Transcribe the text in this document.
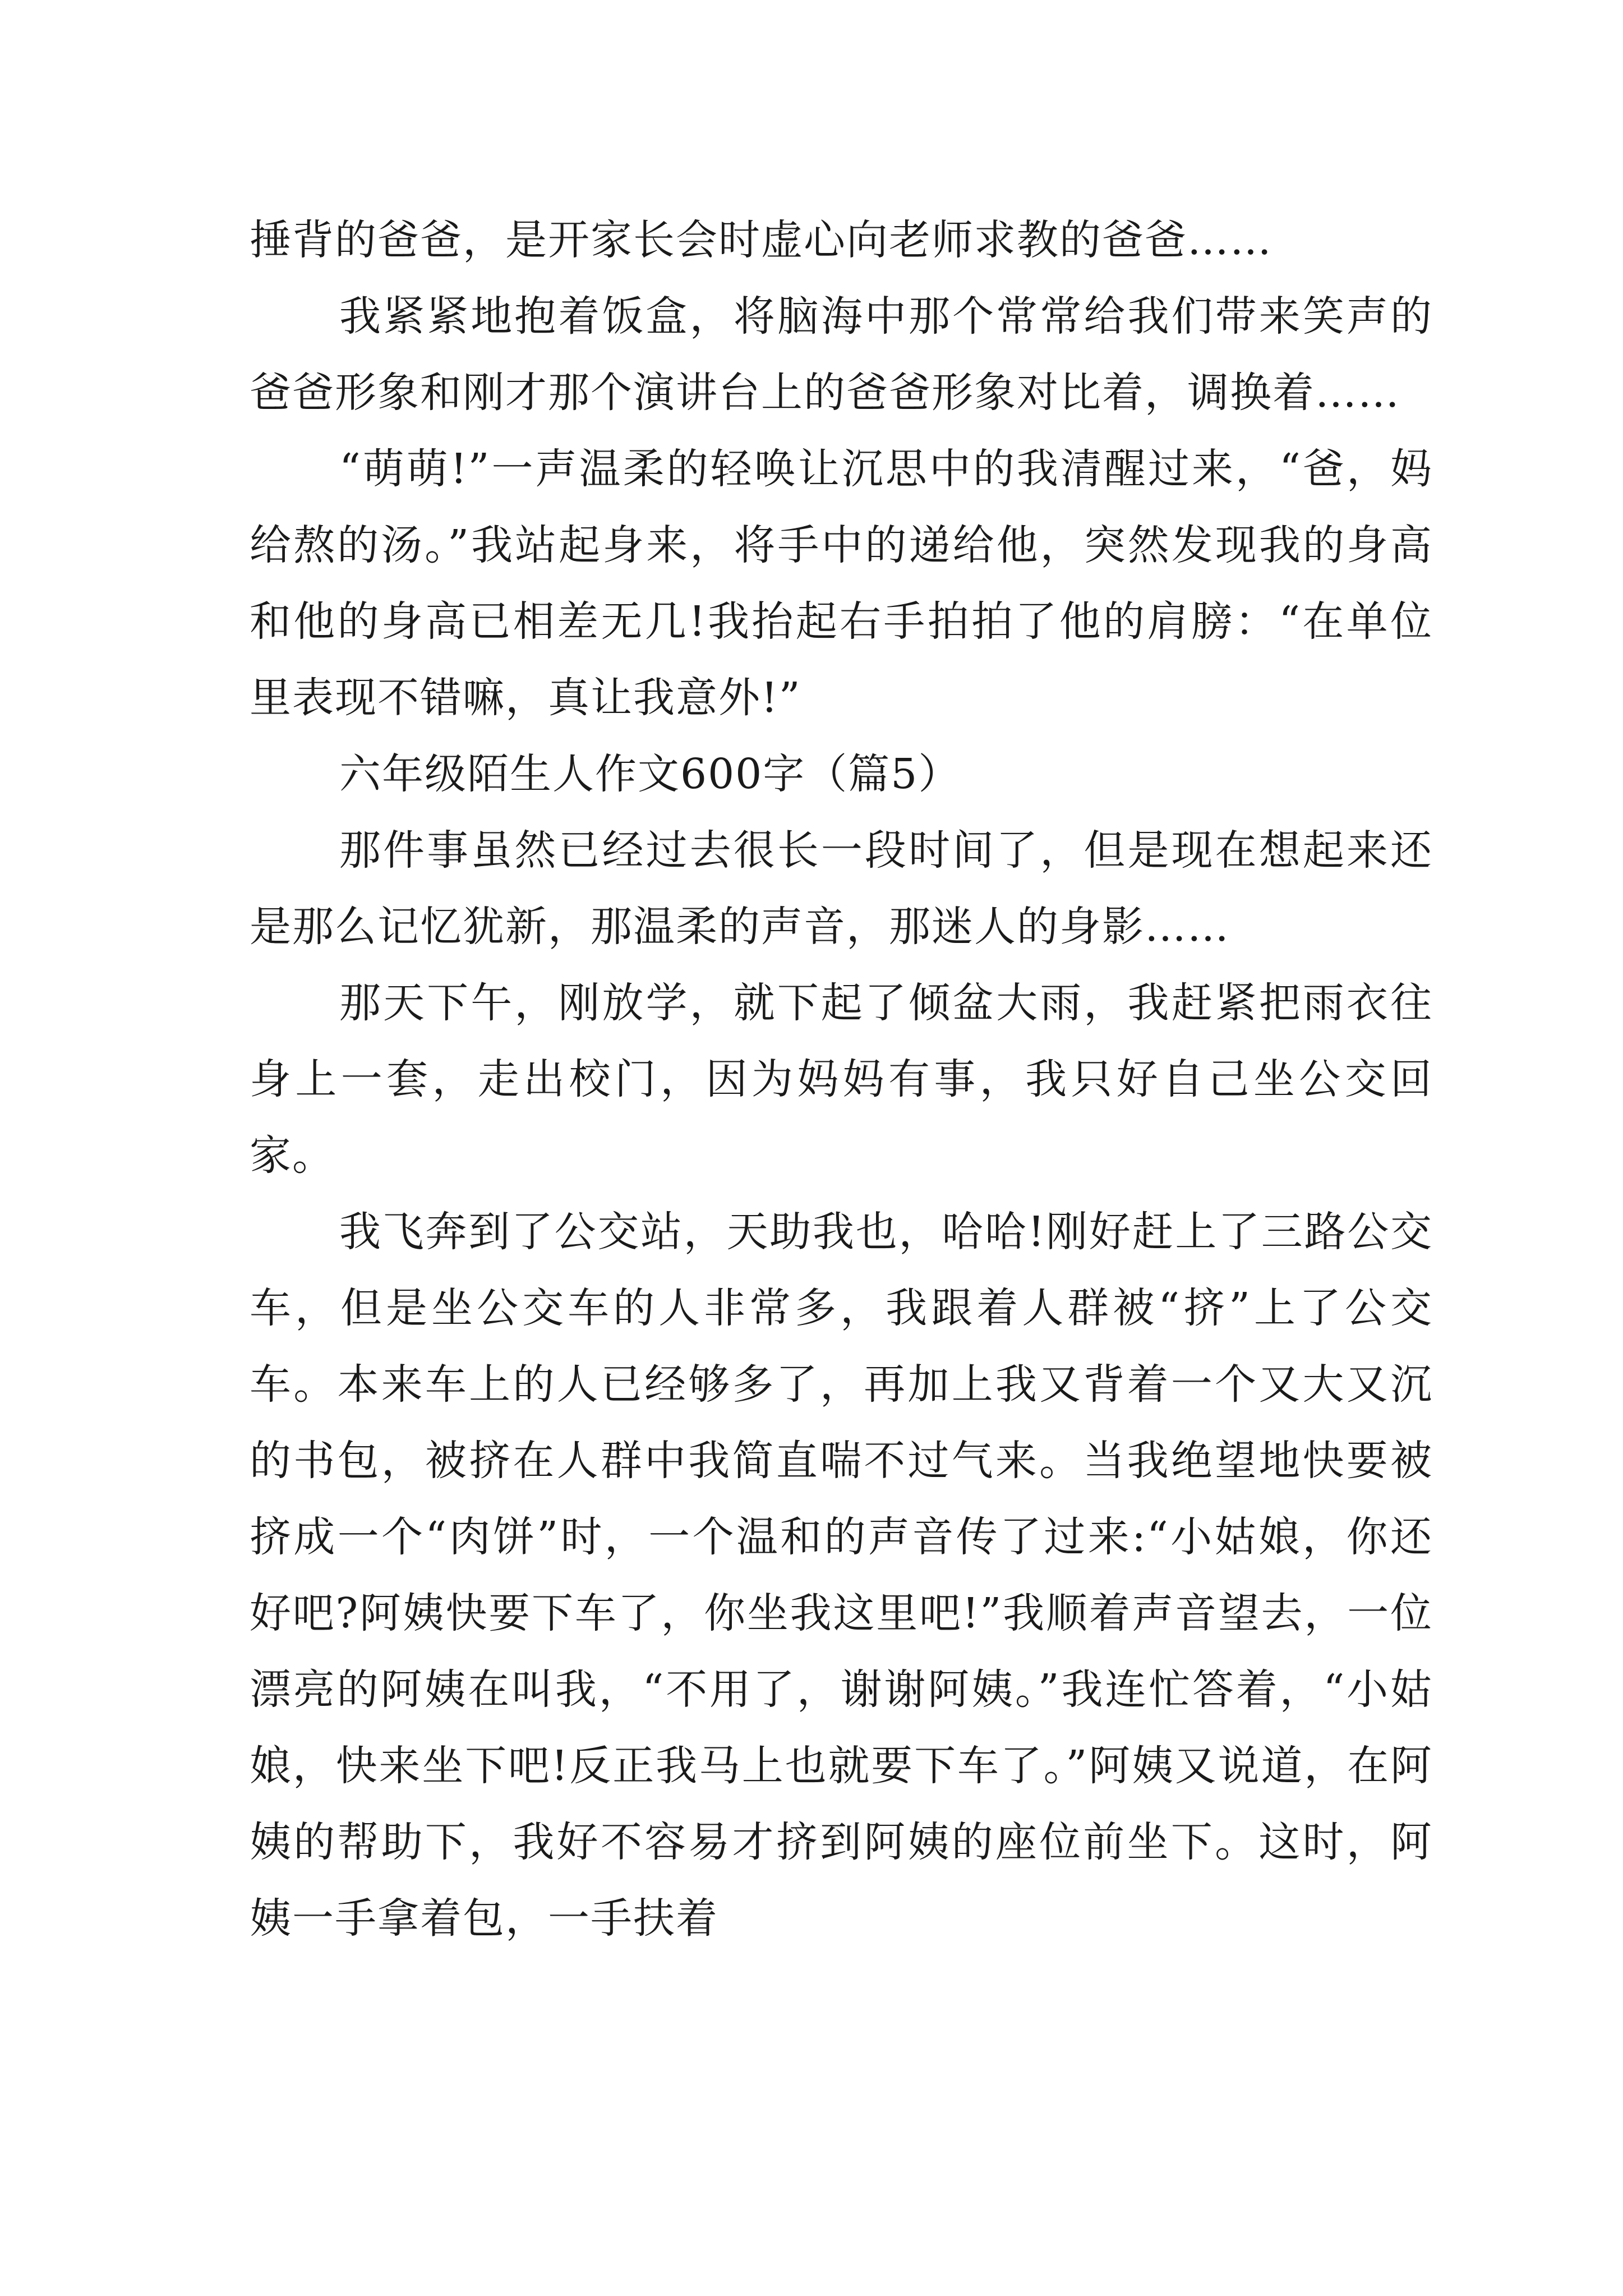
捶背的爸爸，是开家长会时虚心向老师求教的爸爸……

我紧紧地抱着饭盒，将脑海中那个常常给我们带来笑声的爸爸形象和刚才那个演讲台上的爸爸形象对比着，调换着……

“萌萌!”一声温柔的轻唤让沉思中的我清醒过来，“爸，妈给熬的汤。”我站起身来，将手中的递给他，突然发现我的身高和他的身高已相差无几!我抬起右手拍拍了他的肩膀：“在单位里表现不错嘛，真让我意外!”

六年级陌生人作文600字（篇5）

那件事虽然已经过去很长一段时间了，但是现在想起来还是那么记忆犹新，那温柔的声音，那迷人的身影……

那天下午，刚放学，就下起了倾盆大雨，我赶紧把雨衣往身上一套，走出校门，因为妈妈有事，我只好自己坐公交回家。

我飞奔到了公交站，天助我也，哈哈!刚好赶上了三路公交车，但是坐公交车的人非常多，我跟着人群被“挤”上了公交车。本来车上的人已经够多了，再加上我又背着一个又大又沉的书包，被挤在人群中我简直喘不过气来。当我绝望地快要被挤成一个“肉饼”时，一个温和的声音传了过来:“小姑娘，你还好吧?阿姨快要下车了，你坐我这里吧!”我顺着声音望去，一位漂亮的阿姨在叫我，“不用了，谢谢阿姨。”我连忙答着，“小姑娘，快来坐下吧!反正我马上也就要下车了。”阿姨又说道，在阿姨的帮助下，我好不容易才挤到阿姨的座位前坐下。这时，阿姨一手拿着包，一手扶着
